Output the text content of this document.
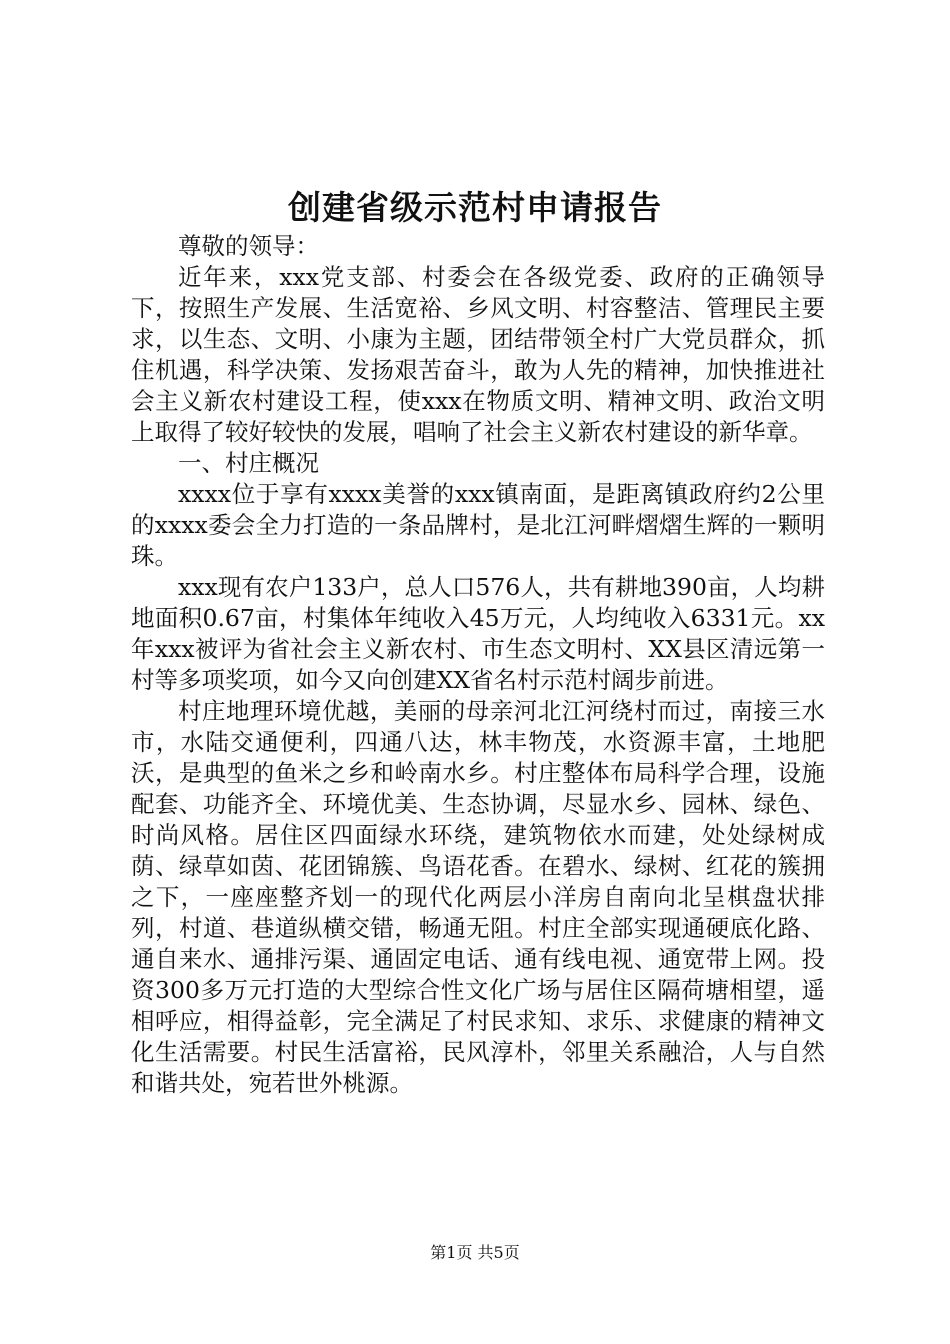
创建省级示范村申请报告

尊敬的领导：

近年来，xxx党支部、村委会在各级党委、政府的正确领导下，按照生产发展、生活宽裕、乡风文明、村容整洁、管理民主要求，以生态、文明、小康为主题，团结带领全村广大党员群众，抓住机遇，科学决策、发扬艰苦奋斗，敢为人先的精神，加快推进社会主义新农村建设工程，使xxx在物质文明、精神文明、政治文明上取得了较好较快的发展，唱响了社会主义新农村建设的新华章。

一、村庄概况

xxxx位于享有xxxx美誉的xxx镇南面，是距离镇政府约2公里的xxxx委会全力打造的一条品牌村，是北江河畔熠熠生辉的一颗明珠。

xxx现有农户133户，总人口576人，共有耕地390亩，人均耕地面积0.67亩，村集体年纯收入45万元，人均纯收入6331元。xx年xxx被评为省社会主义新农村、市生态文明村、XX县区清远第一村等多项奖项，如今又向创建XX省名村示范村阔步前进。

村庄地理环境优越，美丽的母亲河北江河绕村而过，南接三水市，水陆交通便利，四通八达，林丰物茂，水资源丰富，土地肥沃，是典型的鱼米之乡和岭南水乡。村庄整体布局科学合理，设施配套、功能齐全、环境优美、生态协调，尽显水乡、园林、绿色、时尚风格。居住区四面绿水环绕，建筑物依水而建，处处绿树成荫、绿草如茵、花团锦簇、鸟语花香。在碧水、绿树、红花的簇拥之下，一座座整齐划一的现代化两层小洋房自南向北呈棋盘状排列，村道、巷道纵横交错，畅通无阻。村庄全部实现通硬底化路、通自来水、通排污渠、通固定电话、通有线电视、通宽带上网。投资300多万元打造的大型综合性文化广场与居住区隔荷塘相望，遥相呼应，相得益彰，完全满足了村民求知、求乐、求健康的精神文化生活需要。村民生活富裕，民风淳朴，邻里关系融洽，人与自然和谐共处，宛若世外桃源。

第1页 共5页
